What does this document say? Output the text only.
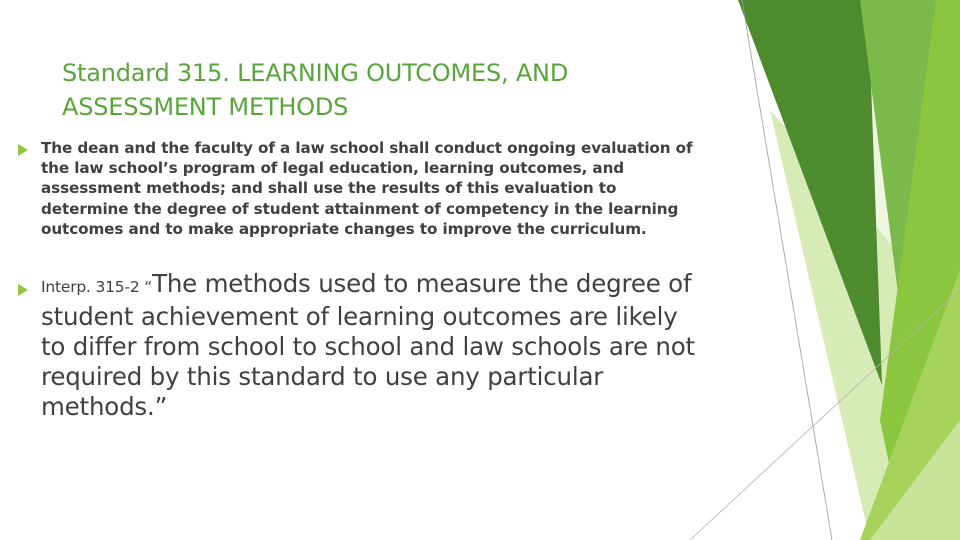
Standard 315. LEARNING OUTCOMES, AND ASSESSMENT METHODS
The dean and the faculty of a law school shall conduct ongoing evaluation of the law school’s program of legal education, learning outcomes, and assessment methods; and shall use the results of this evaluation to determine the degree of student attainment of competency in the learning outcomes and to make appropriate changes to improve the curriculum.
Interp. 315-2 “The methods used to measure the degree of student achievement of learning outcomes are likely to differ from school to school and law schools are not required by this standard to use any particular methods.”
